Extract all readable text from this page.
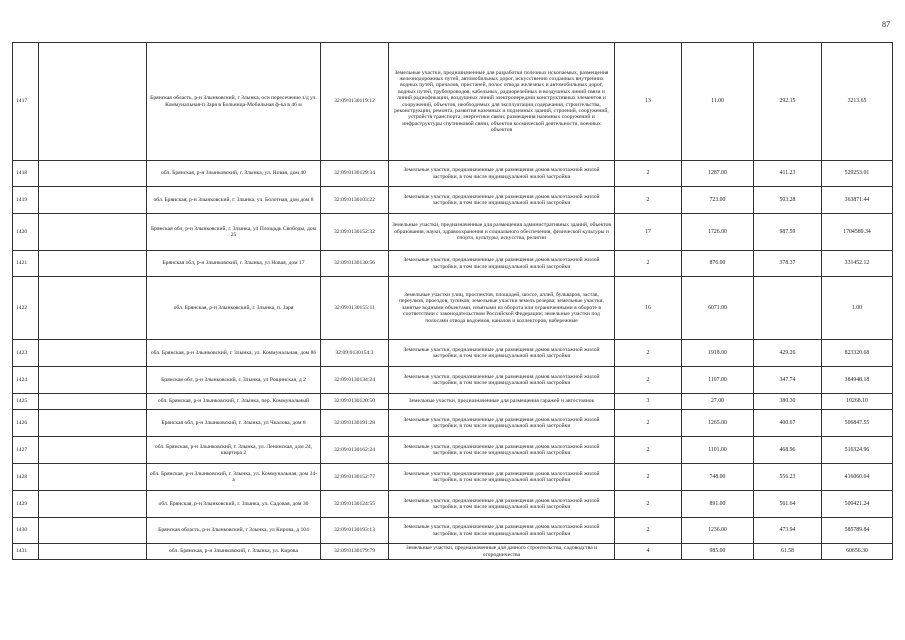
87
1417		Брянская область, р-н Злынковский, г Злынка, оси пересечение з/д ул. Коммунальная-п Заря в Больница-Мобильная ф-ка в 46 м	32:09:0130119:12	Земельные участки, предназначенные для разработки полезных ископаемых, размещения железнодорожных путей, автомобильных дорог, искусственно созданных внутренних водных путей, причалов, пристаней, полос отвода железных и автомобильных дорог, водных путей, трубопроводов, кабельных, радиорелейных и воздушных линий связи и линий радиофикации, воздушных линий электропередачи конструктивных элементов и сооружений, объектов, необходимых для эксплуатации,содержания, строительства, реконструкции, ремонта, развития наземных и подземных зданий, строений, сооружений, устройств транспорта, энергетики связи; размещения наземных сооружений и инфраструктуры спутниковой связи, объектов космической деятельности, военных объектов	13	11.00	292.15	3213.65
1418		обл. Брянская, р-н Злынковский, г. Злынка, ул. Новая, дом 40	32:09:0130129:34	Земельные участки, предназначенные для размещения домов малоэтажной жилой застройки, в том числе индивидуальной жилой застройки	2	1287.00	411.23	529253.01
1419		обл. Брянская, р-н Злынковский, г. Злынка, ул. Болотная, дом дом 8	32:09:0130103:22	Земельные участки, предназначенные для размещения домов малоэтажной жилой застройки, в том числе индивидуальной жилой застройки	2	723.00	503.28	363871.44
1420		Брянская обл, р-н Злынковский, г. Злынка, ул Площадь Свободы, дом 25	32:09:0130152:32	Земельные участки, предназначенные для размещения административных зданий, объектов образования, науки, здравоохранения и социального обеспечения, физической культуры и спорта, культуры, искусства, религии	17	1726.00	987.59	1704580.34
1421		Брянская обл, р-н Злынковский, г. Злынка, ул Новая, дом 17	32:09:0130130:56	Земельные участки, предназначенные для размещения домов малоэтажной жилой застройки, в том числе индивидуальной жилой застройки	2	876.00	378.37	331452.12
1422		обл. Брянская, р-н Злынковский, г. Злынка, п. Заря	32:09:0130155:11	Земельные участки улиц, проспектов, площадей, шоссе, аллей, бульваров, застав, переулков, проездов, тупиков; земельные участки земель резерва; земельные участки, занятые водными объектами, изъятыми из оборота или ограниченными в обороте в соответствии с законодательством Российской Федерации; земельные участки под полосами отвода водоемов, каналов и коллекторов, набережные	16	6071.00		1.00
1423		обл. Брянская, р-н Злынковский, г. Злынка, ул. Коммунальная, дом 86	32:09:0130154:3	Земельные участки, предназначенные для размещения домов малоэтажной жилой застройки, в том числе индивидуальной жилой застройки	2	1918.00	429.26	823320.68
1424		Брянская обл, р-н Злынковский, г. Злынка, ул Рощинская, д 2	32:09:0130134:24	Земельные участки, предназначенные для размещения домов малоэтажной жилой застройки, в том числе индивидуальной жилой застройки	2	1107.00	347.74	384948.18
1425		обл. Брянская, р-н Злынковский, г. Злынка, пер. Коммунальный	32:09:0130120:50	Земельные участки, предназначенные для размещения гаражей и автостоянок	3	27.00	380.30	10268.10
1426		Брянская обл, р-н Злынковский, г. Злынка, ул Чкалова, дом 8	32:09:0130191:28	Земельные участки, предназначенные для размещения домов малоэтажной жилой застройки, в том числе индивидуальной жилой застройки	2	1265.00	400.67	506847.55
1427		обл. Брянская, р-н Злынковский, г. Злынка, ул. Ленинская, дом 24, квартира 2	32:09:0130162:24	Земельные участки, предназначенные для размещения домов малоэтажной жилой застройки, в том числе индивидуальной жилой застройки	2	1101.00	468.96	516324.96
1428		обл. Брянская, р-н Злынковский, г. Злынка, ул. Коммунальная, дом 34-а	32:09:0130152:77	Земельные участки, предназначенные для размещения домов малоэтажной жилой застройки, в том числе индивидуальной жилой застройки	2	748.00	556.23	416060.04
1429		обл. Брянская, р-н Злынковский, г. Злынка, ул. Садовая, дом 30	32:09:0130124:55	Земельные участки, предназначенные для размещения домов малоэтажной жилой застройки, в том числе индивидуальной жилой застройки	2	891.00	561.64	500421.24
1430		Брянская область, р-н Злынковский, г Злынка, ул Кирова, д 104	32:09:0130193:13	Земельные участки, предназначенные для размещения домов малоэтажной жилой застройки, в том числе индивидуальной жилой застройки	2	1236.00	473.94	585789.84
1431		обл. Брянская, р-н Злынковский, г. Злынка, ул. Кирова	32:09:0130179:79	Земельные участки, предназначенные для дачного строительства, садоводства и огородничества	4	985.00	61.58	60656.30
